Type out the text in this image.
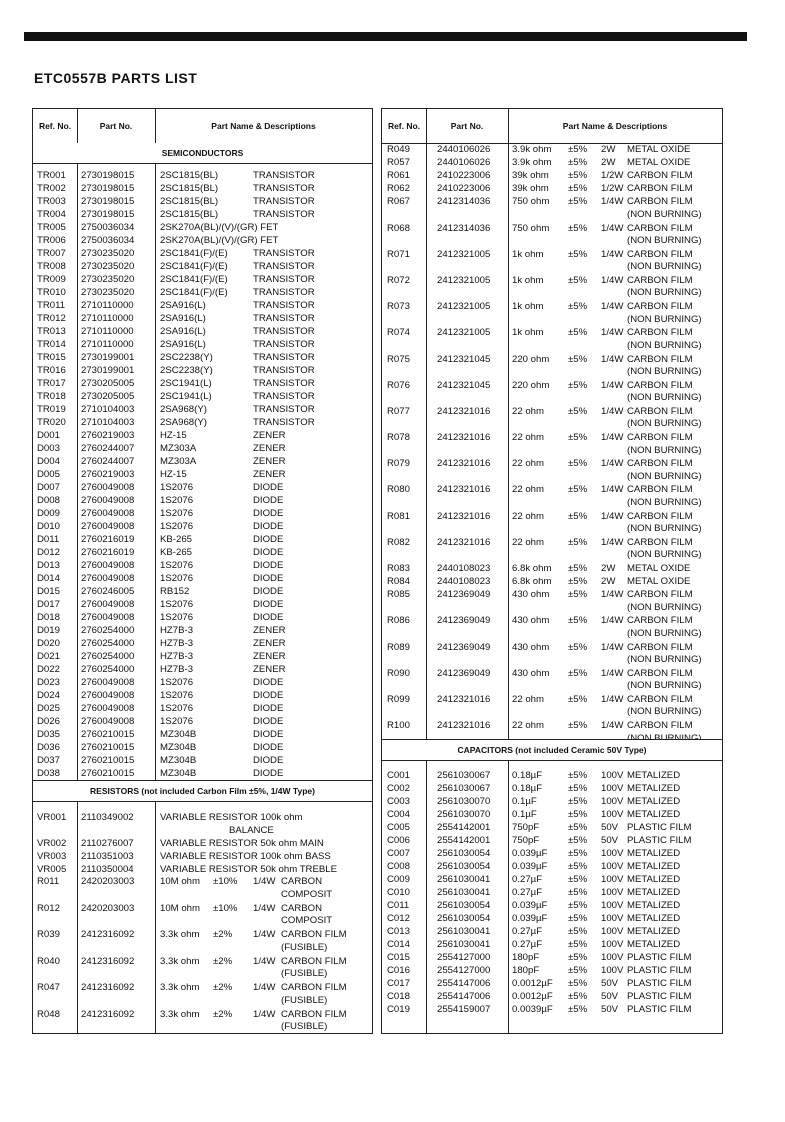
ETC0557B PARTS LIST
Ref. No.	Part No.	Part Name & Descriptions
SEMICONDUCTORS
TR001 2730198015	2SC1815(BL)	TRANSISTOR
TR002 2730198015	2SC1815(BL)	TRANSISTOR
TR003 2730198015	2SC1815(BL)	TRANSISTOR
TR004 2730198015	2SC1815(BL)	TRANSISTOR
TR005 2750036034	2SK270A(BL)/(V)/(GR) FET
TR006 2750036034	2SK270A(BL)/(V)/(GR) FET
TR007 2730235020	2SC1841(F)/(E)	TRANSISTOR
TR008 2730235020	2SC1841(F)/(E)	TRANSISTOR
TR009 2730235020	2SC1841(F)/(E)	TRANSISTOR
TR010 2730235020	2SC1841(F)/(E)	TRANSISTOR
TR011 2710110000	2SA916(L)	TRANSISTOR
TR012 2710110000	2SA916(L)	TRANSISTOR
TR013 2710110000	2SA916(L)	TRANSISTOR
TR014 2710110000	2SA916(L)	TRANSISTOR
TR015 2730199001	2SC2238(Y)	TRANSISTOR
TR016 2730199001	2SC2238(Y)	TRANSISTOR
TR017 2730205005	2SC1941(L)	TRANSISTOR
TR018 2730205005	2SC1941(L)	TRANSISTOR
TR019 2710104003	2SA968(Y)	TRANSISTOR
TR020 2710104003	2SA968(Y)	TRANSISTOR
D001 2760219003	HZ-15	ZENER
D003 2760244007	MZ303A	ZENER
D004 2760244007	MZ303A	ZENER
D005 2760219003	HZ-15	ZENER
D007 2760049008	1S2076	DIODE
D008 2760049008	1S2076	DIODE
D009 2760049008	1S2076	DIODE
D010 2760049008	1S2076	DIODE
D011 2760216019	KB-265	DIODE
D012 2760216019	KB-265	DIODE
D013 2760049008	1S2076	DIODE
D014 2760049008	1S2076	DIODE
D015 2760246005	RB152	DIODE
D017 2760049008	1S2076	DIODE
D018 2760049008	1S2076	DIODE
D019 2760254000	HZ7B-3	ZENER
D020 2760254000	HZ7B-3	ZENER
D021 2760254000	HZ7B-3	ZENER
D022 2760254000	HZ7B-3	ZENER
D023 2760049008	1S2076	DIODE
D024 2760049008	1S2076	DIODE
D025 2760049008	1S2076	DIODE
D026 2760049008	1S2076	DIODE
D035 2760210015	MZ304B	DIODE
D036 2760210015	MZ304B	DIODE
D037 2760210015	MZ304B	DIODE
D038 2760210015	MZ304B	DIODE
RESISTORS (not included Carbon Film ±5%, 1/4W Type)
VR001 2110349002	VARIABLE RESISTOR 100k ohm
BALANCE
VR002 2110276007	VARIABLE RESISTOR 50k ohm MAIN
VR003 2110351003	VARIABLE RESISTOR 100k ohm BASS
VR005 2110350004	VARIABLE RESISTOR 50k ohm TREBLE
R011 2420203003	10M ohm ±10% 1/4W CARBON
COMPOSIT
R012 2420203003	10M ohm ±10% 1/4W CARBON
COMPOSIT
R039 2412316092	3.3k ohm ±2% 1/4W CARBON FILM
(FUSIBLE)
R040 2412316092	3.3k ohm ±2% 1/4W CARBON FILM
(FUSIBLE)
R047 2412316092	3.3k ohm ±2% 1/4W CARBON FILM
(FUSIBLE)
R048 2412316092	3.3k ohm ±2% 1/4W CARBON FILM
(FUSIBLE)
Ref. No.	Part No.	Part Name & Descriptions
R049	2440106026 3.9k ohm ±5% 2W METAL OXIDE
R057	2440106026 3.9k ohm ±5% 2W METAL OXIDE
R061	2410223006 39k ohm ±5% 1/2W CARBON FILM
R062	2410223006 39k ohm ±5% 1/2W CARBON FILM
R067	2412314036 750 ohm ±5% 1/4W CARBON FILM
(NON BURNING)
R068	2412314036 750 ohm ±5% 1/4W CARBON FILM
(NON BURNING)
R071	2412321005 1k ohm	±5% 1/4W CARBON FILM
(NON BURNING)
R072	2412321005 1k ohm	±5% 1/4W CARBON FILM
(NON BURNING)
R073	2412321005 1k ohm	±5% 1/4W CARBON FILM
(NON BURNING)
R074	2412321005 1k ohm	±5% 1/4W CARBON FILM
(NON BURNING)
R075	2412321045 220 ohm ±5% 1/4W CARBON FILM
(NON BURNING)
R076	2412321045 220 ohm ±5% 1/4W CARBON FILM
(NON BURNING)
R077	2412321016 22 ohm	±5% 1/4W CARBON FILM
(NON BURNING)
R078	2412321016 22 ohm	±5% 1/4W CARBON FILM
(NON BURNING)
R079	2412321016 22 ohm	±5% 1/4W CARBON FILM
(NON BURNING)
R080	2412321016 22 ohm	±5% 1/4W CARBON FILM
(NON BURNING)
R081	2412321016 22 ohm	±5% 1/4W CARBON FILM
(NON BURNING)
R082	2412321016 22 ohm	±5% 1/4W CARBON FILM
(NON BURNING)
R083	2440108023 6.8k ohm ±5% 2W METAL OXIDE
R084	2440108023 6.8k ohm ±5% 2W METAL OXIDE
R085	2412369049 430 ohm ±5% 1/4W CARBON FILM
(NON BURNING)
R086	2412369049 430 ohm ±5% 1/4W CARBON FILM
(NON BURNING)
R089	2412369049 430 ohm ±5% 1/4W CARBON FILM
(NON BURNING)
R090	2412369049 430 ohm ±5% 1/4W CARBON FILM
(NON BURNING)
R099	2412321016 22 ohm	±5% 1/4W CARBON FILM
(NON BURNING)
R100	2412321016 22 ohm	±5% 1/4W CARBON FILM
CAPACITORS (not included Ceramic 50V Type)
C001	2561030067 0.18µF	±5% 100V METALIZED
C002	2561030067 0.18µF	±5% 100V METALIZED
C003	2561030070 0.1µF	±5% 100V METALIZED
C004	2561030070 0.1µF	±5% 100V METALIZED
C005	2554142001 750pF	±5% 50V PLASTIC FILM
C006	2554142001 750pF	±5% 50V PLASTIC FILM
C007	2561030054 0.039µF ±5% 100V METALIZED
C008	2561030054 0.039µF ±5% 100V METALIZED
C009	2561030041 0.27µF	±5% 100V METALIZED
C010	2561030041 0.27µF	±5% 100V METALIZED
C011	2561030054 0.039µF ±5% 100V METALIZED
C012	2561030054 0.039µF ±5% 100V METALIZED
C013	2561030041 0.27µF	±5% 100V METALIZED
C014	2561030041 0.27µF	±5% 100V METALIZED
C015	2554127000 180pF	±5% 100V PLASTIC FILM
C016	2554127000 180pF	±5% 100V PLASTIC FILM
C017	2554147006 0.0012µF ±5% 50V PLASTIC FILM
C018	2554147006 0.0012µF ±5% 50V PLASTIC FILM
C019	2554159007 0.0039µF ±5% 50V PLASTIC FILM
